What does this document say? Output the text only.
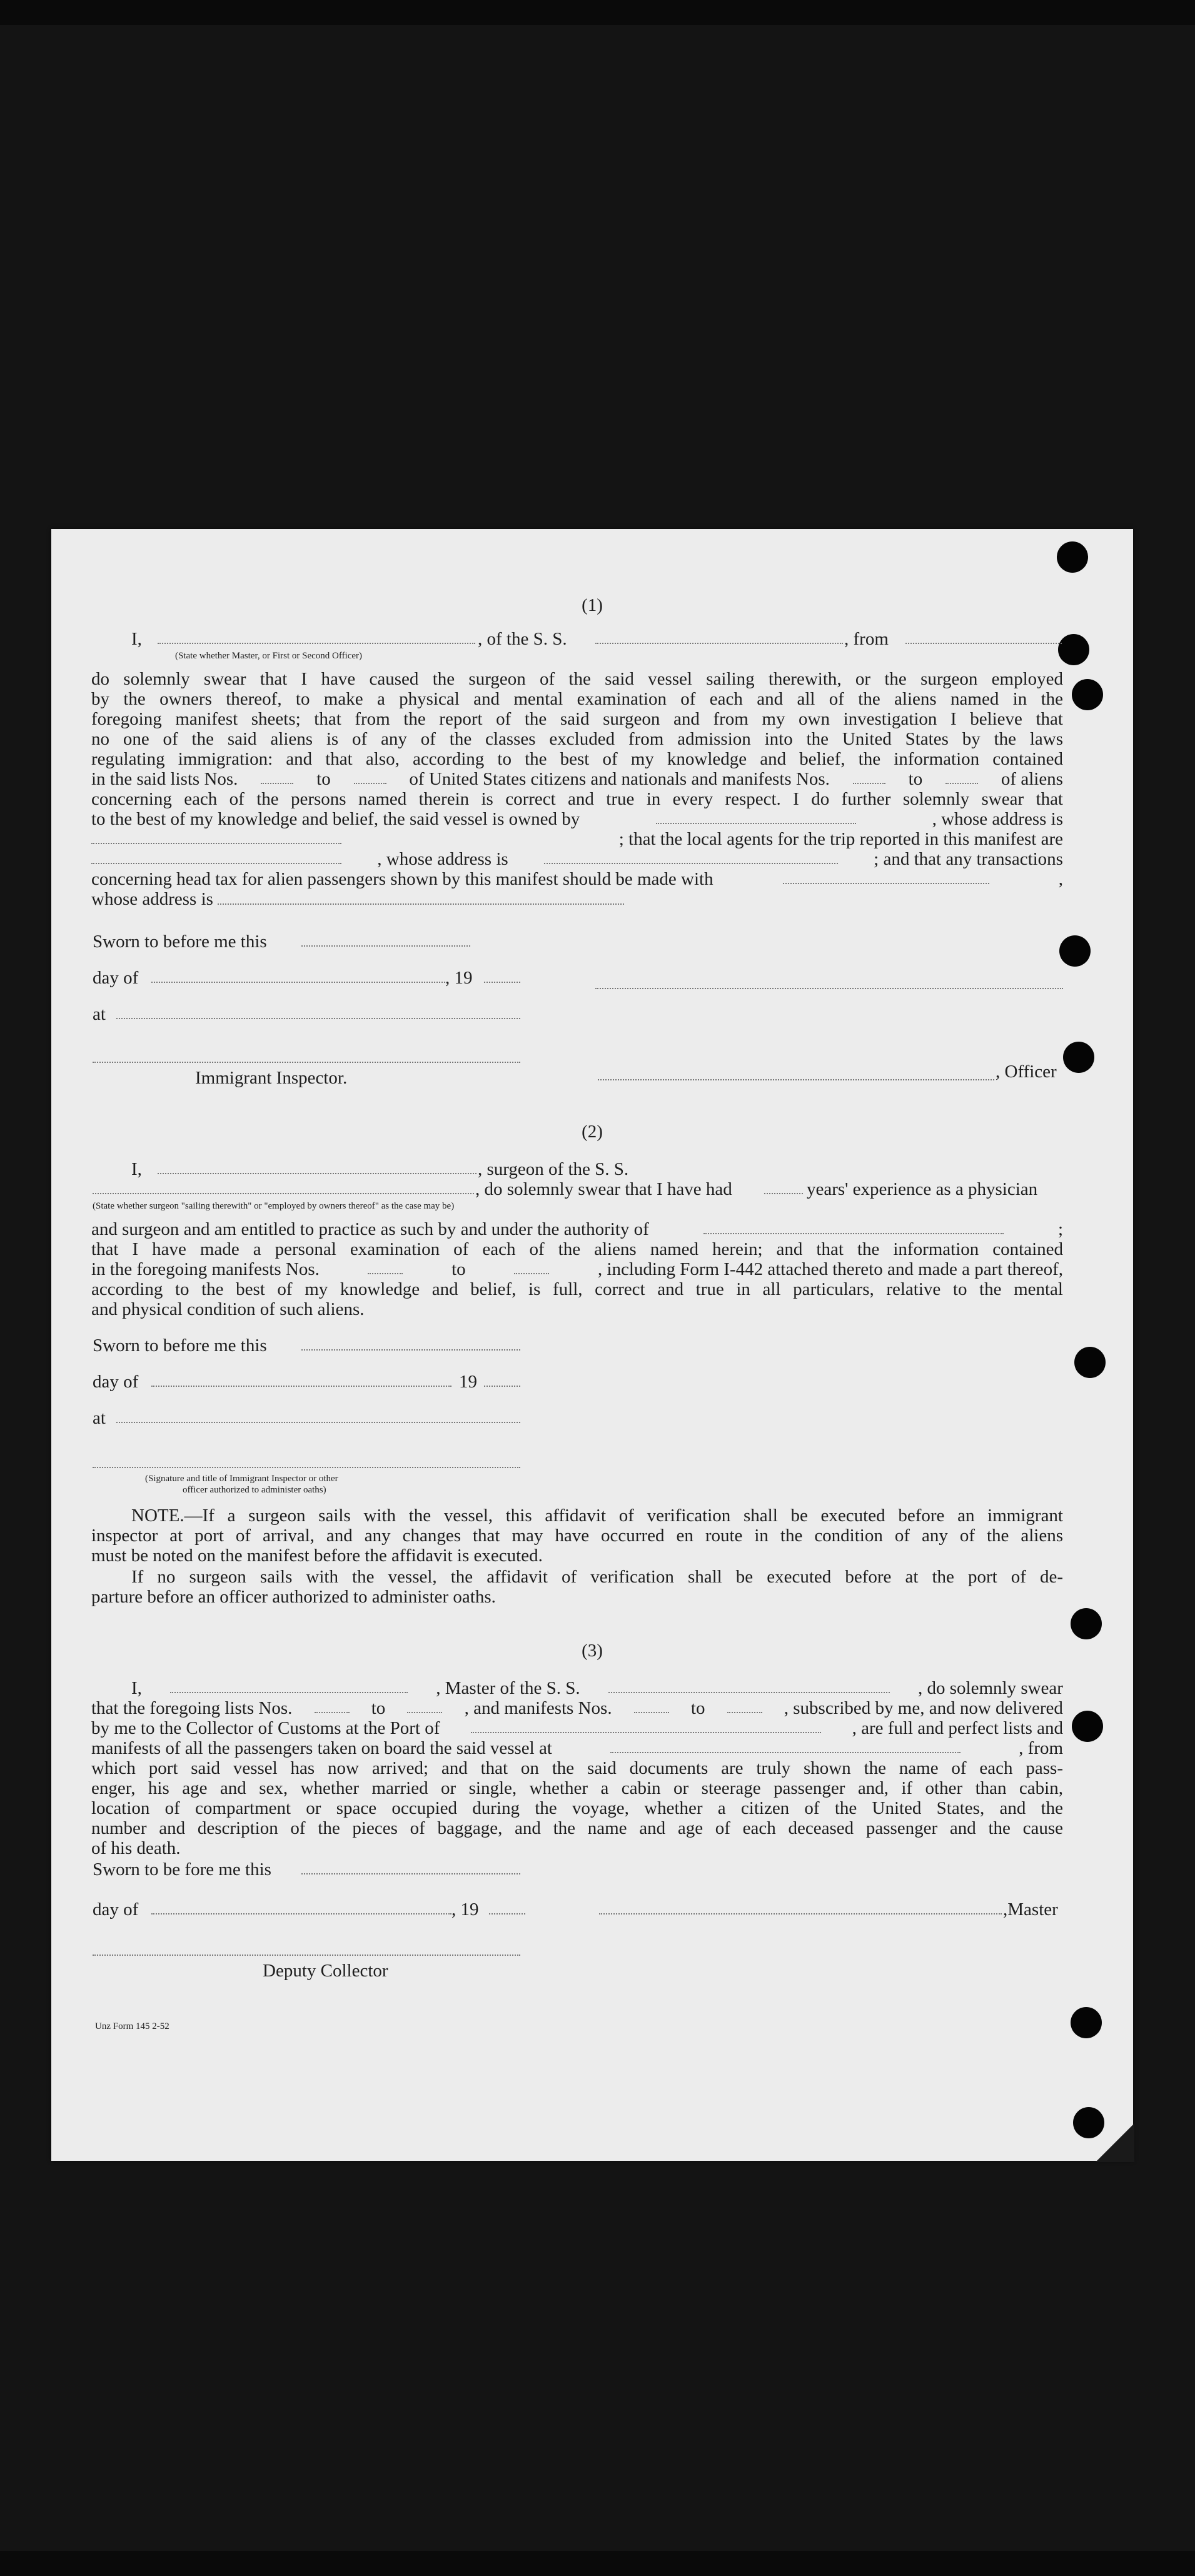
(1)
I,
(State whether Master, or First or Second Officer)
, of the S. S.	, from
do solemnly swear that I have caused the surgeon of the said vessel sailing therewith, or the surgeon employed
by the owners thereof, to make a physical and mental examination of each and all of the aliens named in the
foregoing manifest sheets; that from the report of the said surgeon and from my own investigation I believe that
no one of the said aliens is of any of the classes excluded from admission into the United States by the laws
regulating immigration: and that also, according to the best of my knowledge and belief, the information contained
in the said lists Nos.	to	of United States citizens and nationals and manifests Nos.	to	of aliens
concerning each of the persons named therein is correct and true in every respect. I do further solemnly swear that
to the best of my knowledge and belief, the said vessel is owned by	, whose address is
; that the local agents for the trip reported in this manifest are
, whose address is	; and that any transactions
concerning head tax for alien passengers shown by this manifest should be made with	,
whose address is
Sworn to before me this
day of	, 19
at
Immigrant Inspector.	, Officer
(2)
I,	, surgeon of the S. S.
, do solemnly swear that I have had	years' experience as a physician
(State whether surgeon "sailing therewith" or "employed by owners thereof" as the case may be)
and surgeon and am entitled to practice as such by and under the authority of	;
that I have made a personal examination of each of the aliens named herein; and that the information contained
in the foregoing manifests Nos.	to	, including Form I-442 attached thereto and made a part thereof,
according to the best of my knowledge and belief, is full, correct and true in all particulars, relative to the mental
and physical condition of such aliens.
Sworn to before me this
day of	19
at
(Signature and title of Immigrant Inspector or other
officer authorized to administer oaths)
NOTE.—If a surgeon sails with the vessel, this affidavit of verification shall be executed before an immigrant
inspector at port of arrival, and any changes that may have occurred en route in the condition of any of the aliens
must be noted on the manifest before the affidavit is executed.
If no surgeon sails with the vessel, the affidavit of verification shall be executed before at the port of de-
parture before an officer authorized to administer oaths.
(3)
I,	, Master of the S. S.	, do solemnly swear
that the foregoing lists Nos.	to	, and manifests Nos.	to	, subscribed by me, and now delivered
by me to the Collector of Customs at the Port of	, are full and perfect lists and
manifests of all the passengers taken on board the said vessel at	, from
which port said vessel has now arrived; and that on the said documents are truly shown the name of each pass-
enger, his age and sex, whether married or single, whether a cabin or steerage passenger and, if other than cabin,
location of compartment or space occupied during the voyage, whether a citizen of the United States, and the
number and description of the pieces of baggage, and the name and age of each deceased passenger and the cause
of his death.
Sworn to be fore me this
day of	, 19	,Master
Deputy Collector
Unz Form 145 2-52
